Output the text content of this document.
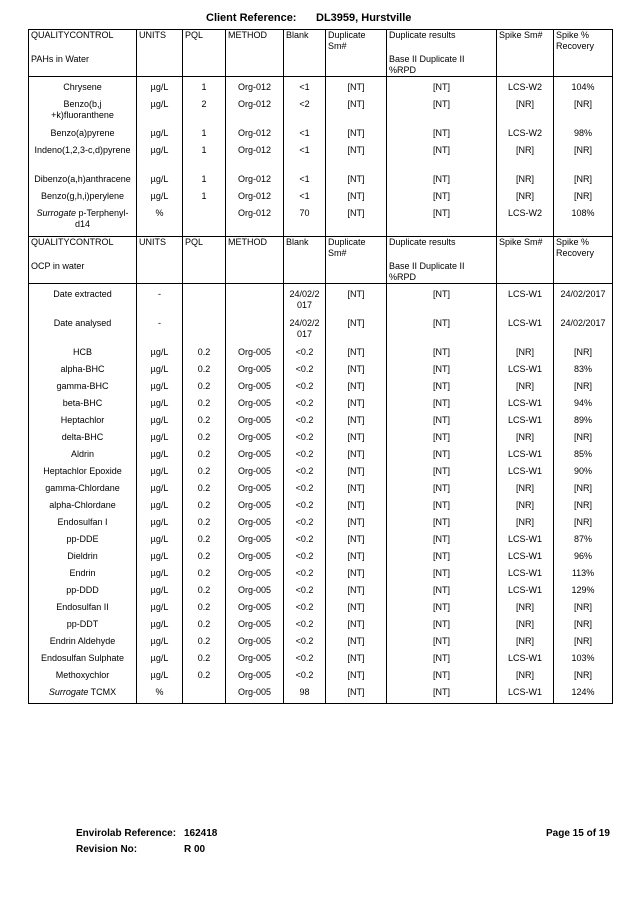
Client Reference: DL3959, Hurstville
QUALITYCONTROL	UNITS	PQL	METHOD	Blank	Duplicate Sm#	Duplicate results	Spike Sm#	Spike % Recovery
PAHs in Water						Base II Duplicate II %RPD		

Chrysene	µg/L	1	Org-012	<1	[NT]	[NT]	LCS-W2	104%
Benzo(b,j +k)fluoranthene	µg/L	2	Org-012	<2	[NT]	[NT]	[NR]	[NR]
Benzo(a)pyrene	µg/L	1	Org-012	<1	[NT]	[NT]	LCS-W2	98%
Indeno(1,2,3-c,d)pyrene	µg/L	1	Org-012	<1	[NT]	[NT]	[NR]	[NR]
Dibenzo(a,h)anthracene	µg/L	1	Org-012	<1	[NT]	[NT]	[NR]	[NR]
Benzo(g,h,i)perylene	µg/L	1	Org-012	<1	[NT]	[NT]	[NR]	[NR]
Surrogate p-Terphenyl-d14	%		Org-012	70	[NT]	[NT]	LCS-W2	108%
QUALITYCONTROL	UNITS	PQL	METHOD	Blank	Duplicate Sm#	Duplicate results	Spike Sm#	Spike % Recovery
OCP in water						Base II Duplicate II %RPD		

Date extracted	-			24/02/2 017	[NT]	[NT]	LCS-W1	24/02/2017
Date analysed	-			24/02/2 017	[NT]	[NT]	LCS-W1	24/02/2017
HCB	µg/L	0.2	Org-005	<0.2	[NT]	[NT]	[NR]	[NR]
alpha-BHC	µg/L	0.2	Org-005	<0.2	[NT]	[NT]	LCS-W1	83%
gamma-BHC	µg/L	0.2	Org-005	<0.2	[NT]	[NT]	[NR]	[NR]
beta-BHC	µg/L	0.2	Org-005	<0.2	[NT]	[NT]	LCS-W1	94%
Heptachlor	µg/L	0.2	Org-005	<0.2	[NT]	[NT]	LCS-W1	89%
delta-BHC	µg/L	0.2	Org-005	<0.2	[NT]	[NT]	[NR]	[NR]
Aldrin	µg/L	0.2	Org-005	<0.2	[NT]	[NT]	LCS-W1	85%
Heptachlor Epoxide	µg/L	0.2	Org-005	<0.2	[NT]	[NT]	LCS-W1	90%
gamma-Chlordane	µg/L	0.2	Org-005	<0.2	[NT]	[NT]	[NR]	[NR]
alpha-Chlordane	µg/L	0.2	Org-005	<0.2	[NT]	[NT]	[NR]	[NR]
Endosulfan I	µg/L	0.2	Org-005	<0.2	[NT]	[NT]	[NR]	[NR]
pp-DDE	µg/L	0.2	Org-005	<0.2	[NT]	[NT]	LCS-W1	87%
Dieldrin	µg/L	0.2	Org-005	<0.2	[NT]	[NT]	LCS-W1	96%
Endrin	µg/L	0.2	Org-005	<0.2	[NT]	[NT]	LCS-W1	113%
pp-DDD	µg/L	0.2	Org-005	<0.2	[NT]	[NT]	LCS-W1	129%
Endosulfan II	µg/L	0.2	Org-005	<0.2	[NT]	[NT]	[NR]	[NR]
pp-DDT	µg/L	0.2	Org-005	<0.2	[NT]	[NT]	[NR]	[NR]
Endrin Aldehyde	µg/L	0.2	Org-005	<0.2	[NT]	[NT]	[NR]	[NR]
Endosulfan Sulphate	µg/L	0.2	Org-005	<0.2	[NT]	[NT]	LCS-W1	103%
Methoxychlor	µg/L	0.2	Org-005	<0.2	[NT]	[NT]	[NR]	[NR]
Surrogate TCMX	%		Org-005	98	[NT]	[NT]	LCS-W1	124%
Envirolab Reference: 162418
Revision No:	R 00
Page 15 of 19
